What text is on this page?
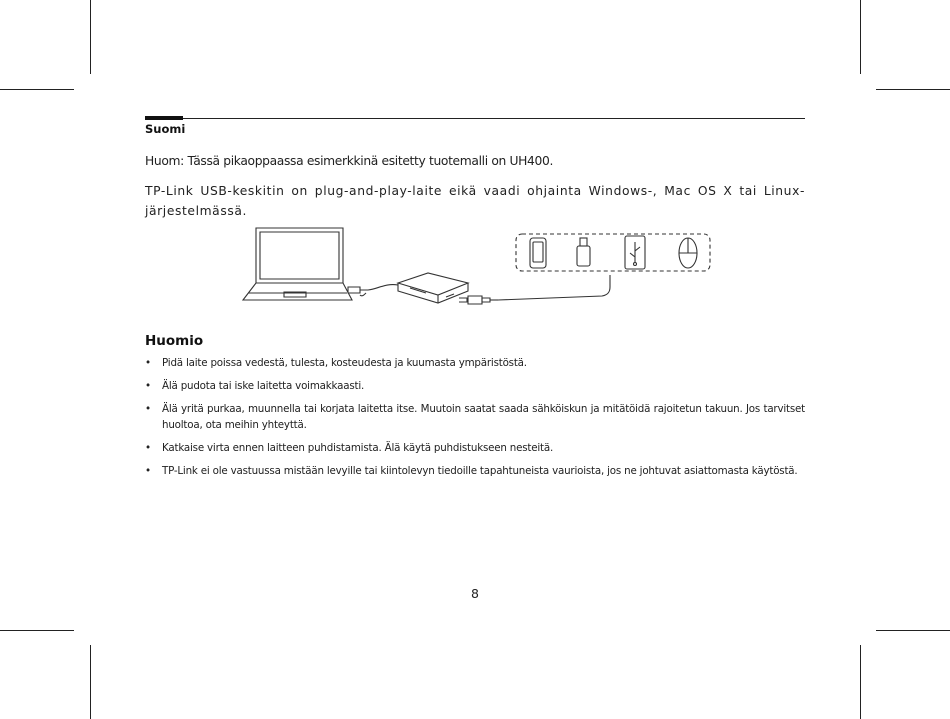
Suomi

Huom: Tässä pikaoppaassa esimerkkinä esitetty tuotemalli on UH400.

TP-Link USB-keskitin on plug-and-play-laite eikä vaadi ohjainta Windows-, Mac OS X tai Linux-järjestelmässä.

Huomio
• Pidä laite poissa vedestä, tulesta, kosteudesta ja kuumasta ympäristöstä.
• Älä pudota tai iske laitetta voimakkaasti.
• Älä yritä purkaa, muunnella tai korjata laitetta itse. Muutoin saatat saada sähköiskun ja mitätöidä rajoitetun takuun. Jos tarvitset huoltoa, ota meihin yhteyttä.
• Katkaise virta ennen laitteen puhdistamista. Älä käytä puhdistukseen nesteitä.
• TP-Link ei ole vastuussa mistään levyille tai kiintolevyn tiedoille tapahtuneista vaurioista, jos ne johtuvat asiattomasta käytöstä.

8
